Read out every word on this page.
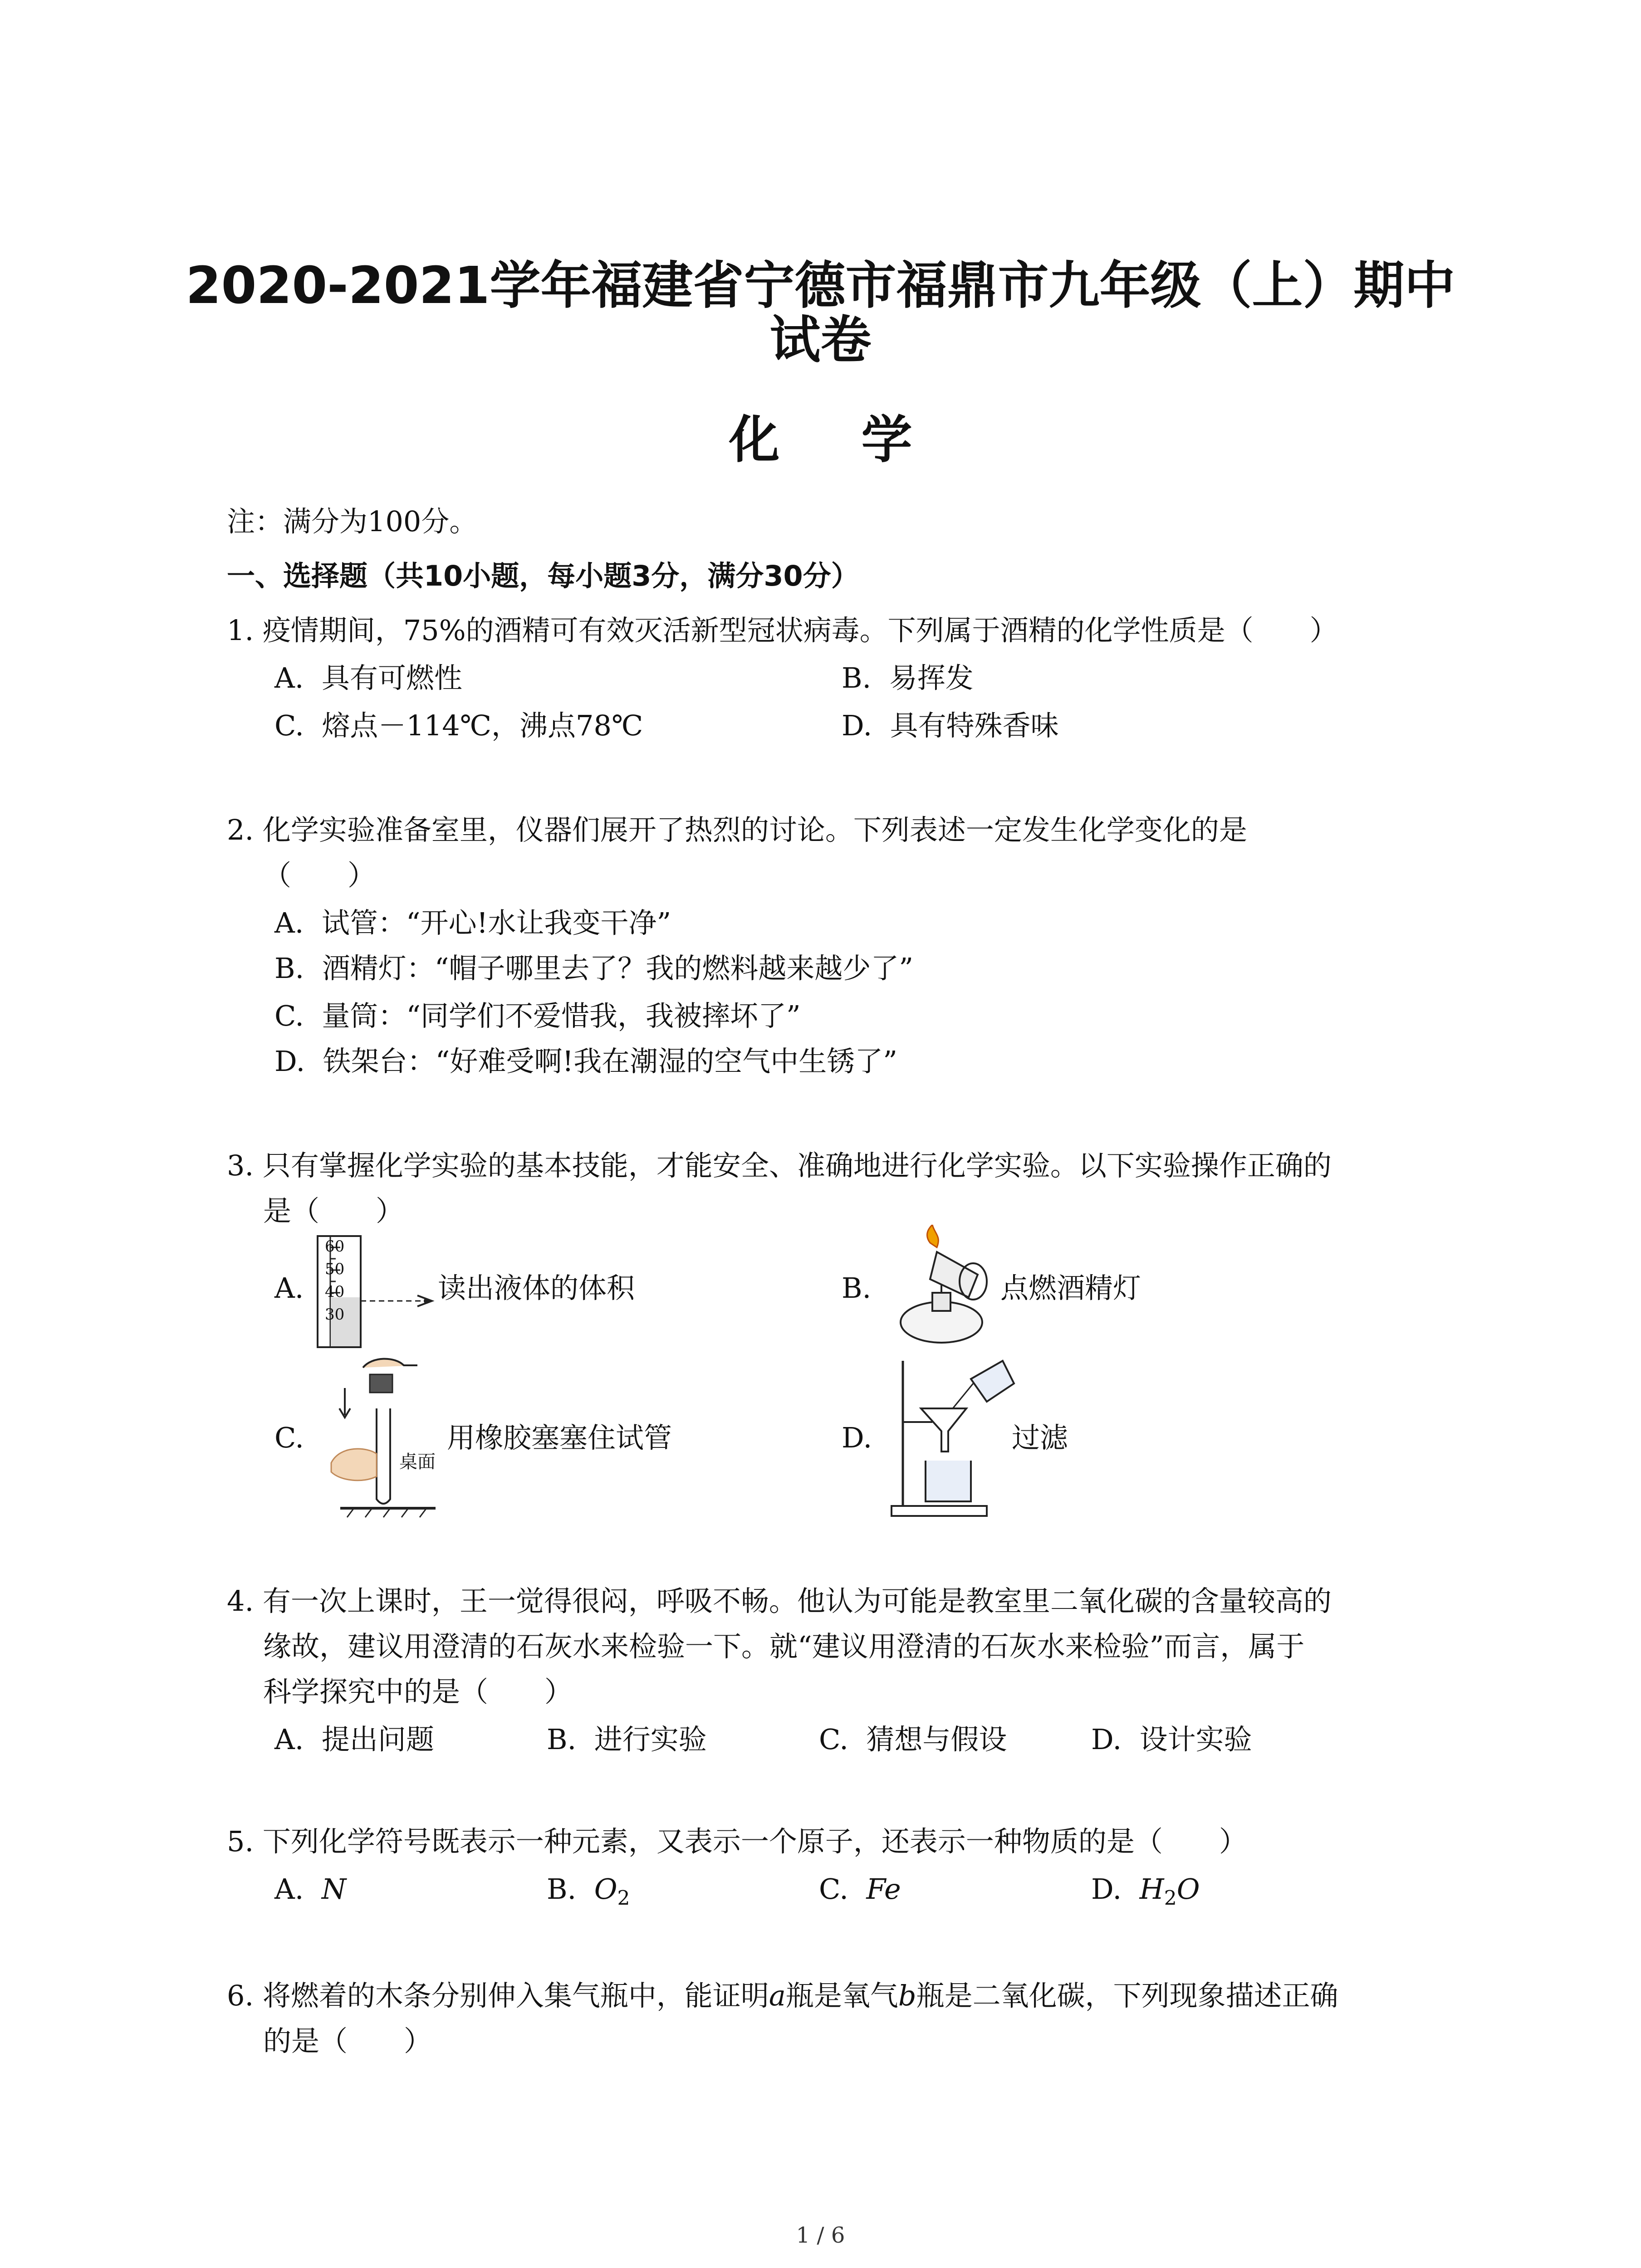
2020-2021学年福建省宁德市福鼎市九年级（上）期中
试卷
化学
注：满分为100分。
一、选择题（共10小题，每小题3分，满分30分）
1. 疫情期间，75%的酒精可有效灭活新型冠状病毒。下列属于酒精的化学性质是（　　）
A. 具有可燃性	B. 易挥发
C. 熔点－114℃，沸点78℃	D. 具有特殊香味
2. 化学实验准备室里，仪器们展开了热烈的讨论。下列表述一定发生化学变化的是
（　　）
A. 试管：“开心!水让我变干净”
B. 酒精灯：“帽子哪里去了？我的燃料越来越少了”
C. 量筒：“同学们不爱惜我，我被摔坏了”
D. 铁架台：“好难受啊!我在潮湿的空气中生锈了”
3. 只有掌握化学实验的基本技能，才能安全、准确地进行化学实验。以下实验操作正确的
是（　　）
A.
60
50
40
30
读出液体的体积	B.	点燃酒精灯
C.
桌面
用橡胶塞塞住试管	D.	过滤
4. 有一次上课时，王一觉得很闷，呼吸不畅。他认为可能是教室里二氧化碳的含量较高的
缘故，建议用澄清的石灰水来检验一下。就“建议用澄清的石灰水来检验”而言，属于
科学探究中的是（　　）
A. 提出问题	B. 进行实验	C. 猜想与假设	D. 设计实验
5. 下列化学符号既表示一种元素，又表示一个原子，还表示一种物质的是（　　）
A. N	B. $O_2$	C. Fe	D. $H_2O$
6. 将燃着的木条分别伸入集气瓶中，能证明a瓶是氧气b瓶是二氧化碳，下列现象描述正确
的是（　　）
1 / 6
